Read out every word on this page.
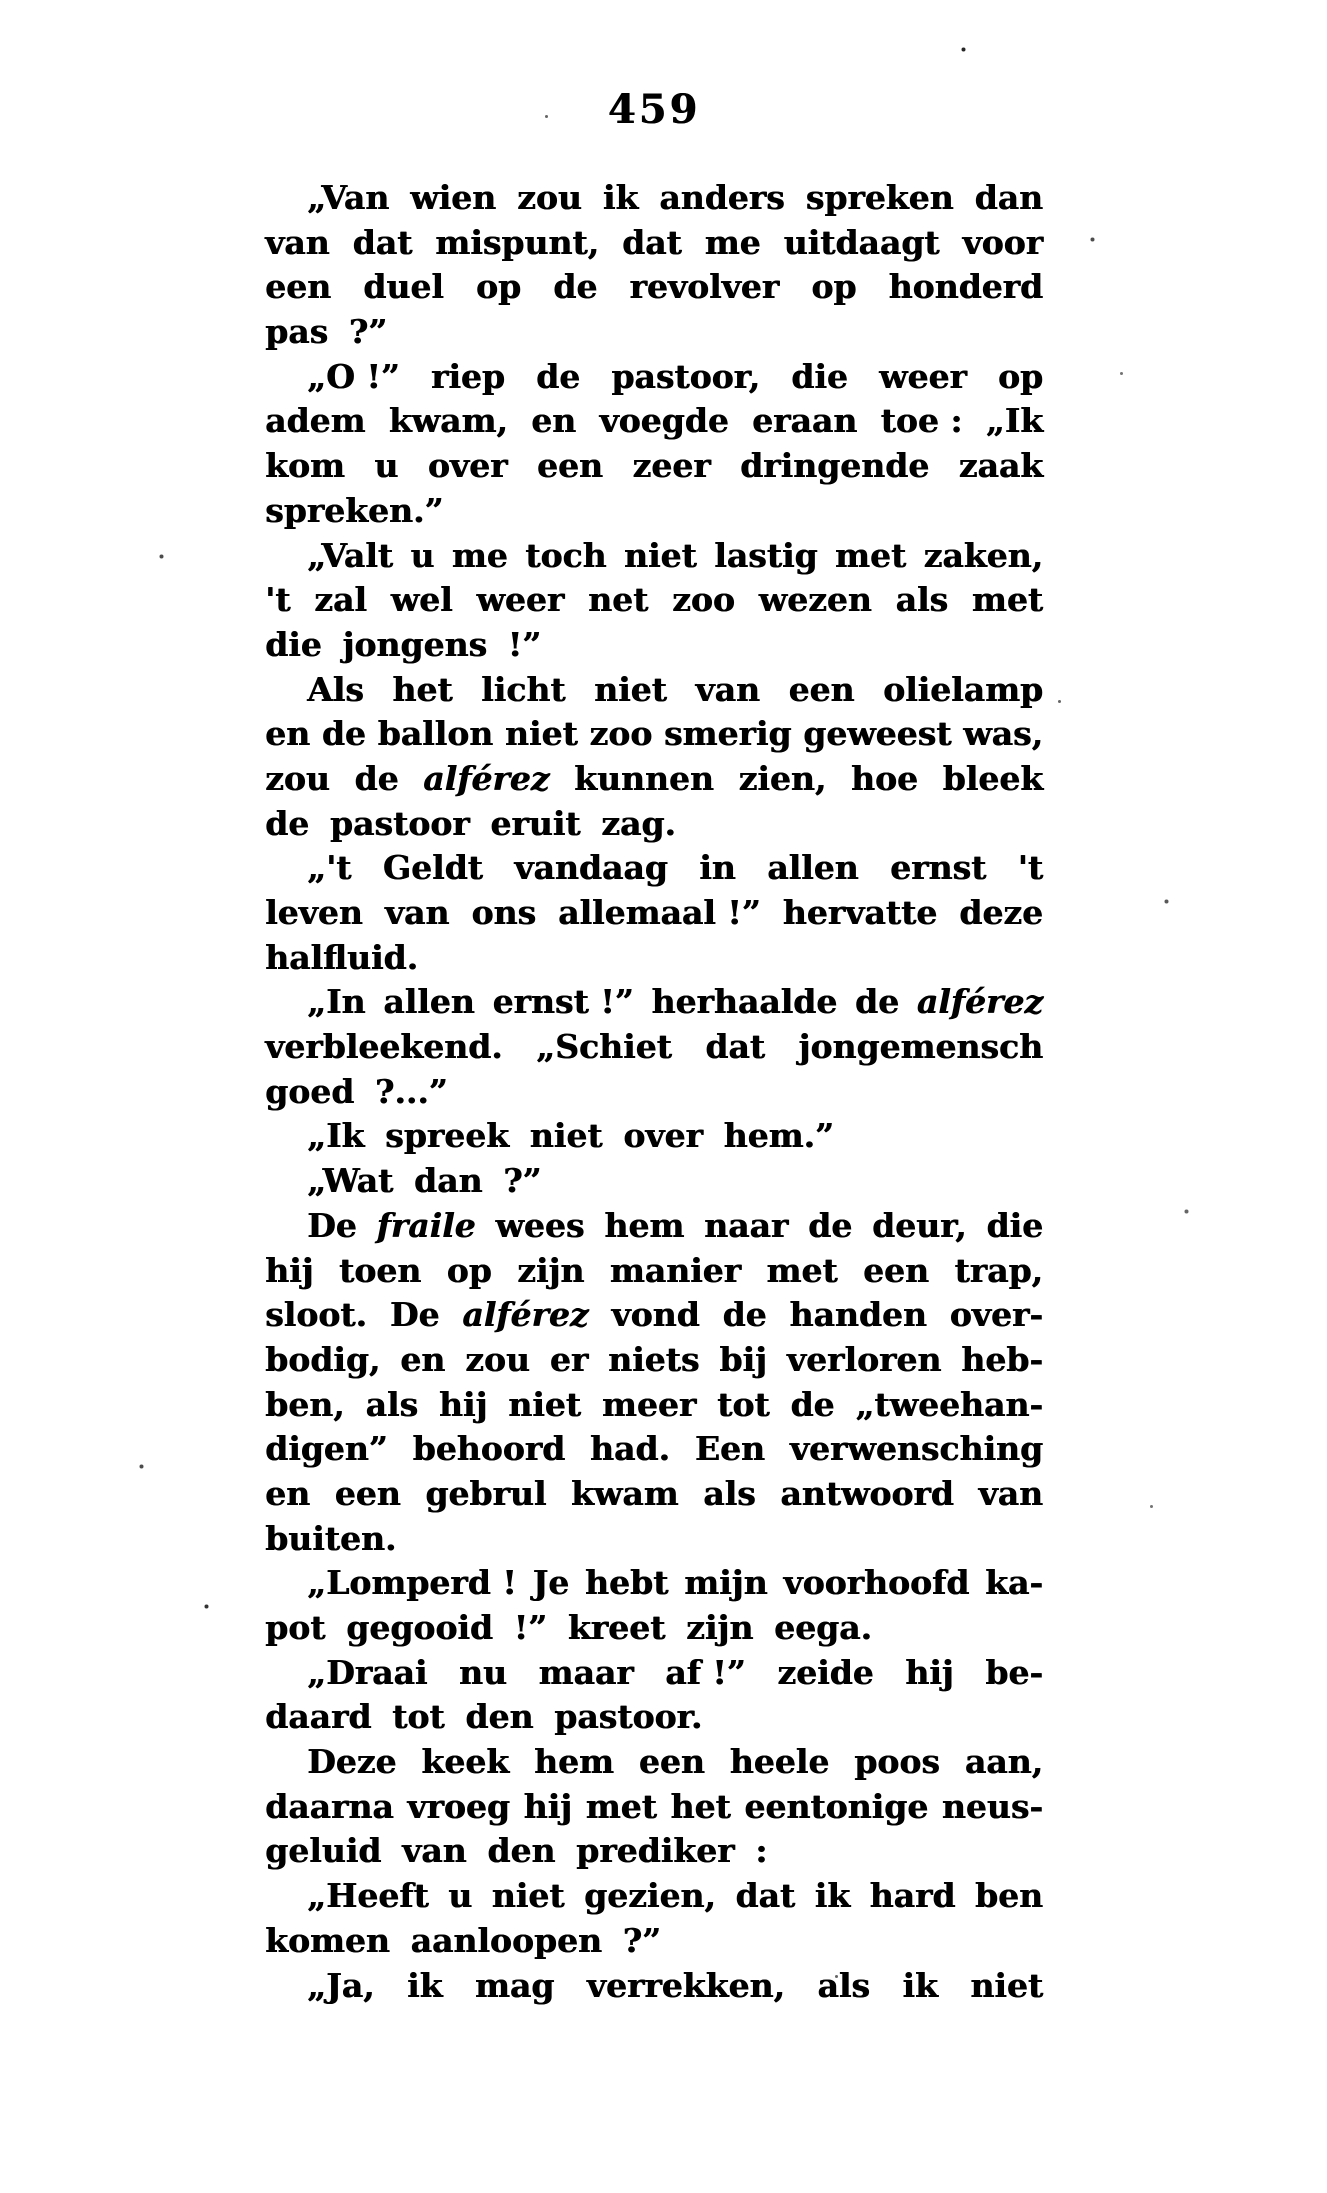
459
„Van wien zou ik anders spreken dan
van dat mispunt, dat me uitdaagt voor
een duel op de revolver op honderd
pas ?”
„O !” riep de pastoor, die weer op
adem kwam, en voegde eraan toe : „Ik
kom u over een zeer dringende zaak
spreken.”
„Valt u me toch niet lastig met zaken,
't zal wel weer net zoo wezen als met
die jongens !”
Als het licht niet van een olielamp
en de ballon niet zoo smerig geweest was,
zou de alférez kunnen zien, hoe bleek
de pastoor eruit zag.
„'t Geldt vandaag in allen ernst 't
leven van ons allemaal !” hervatte deze
halfluid.
„In allen ernst !” herhaalde de alférez
verbleekend. „Schiet dat jongemensch
goed ?...”
„Ik spreek niet over hem.”
„Wat dan ?”
De fraile wees hem naar de deur, die
hij toen op zijn manier met een trap,
sloot. De alférez vond de handen over-
bodig, en zou er niets bij verloren heb-
ben, als hij niet meer tot de „tweehan-
digen” behoord had. Een verwensching
en een gebrul kwam als antwoord van
buiten.
„Lomperd ! Je hebt mijn voorhoofd ka-
pot gegooid !” kreet zijn eega.
„Draai nu maar af !” zeide hij be-
daard tot den pastoor.
Deze keek hem een heele poos aan,
daarna vroeg hij met het eentonige neus-
geluid van den prediker :
„Heeft u niet gezien, dat ik hard ben
komen aanloopen ?”
„Ja, ik mag verrekken, als ik niet
